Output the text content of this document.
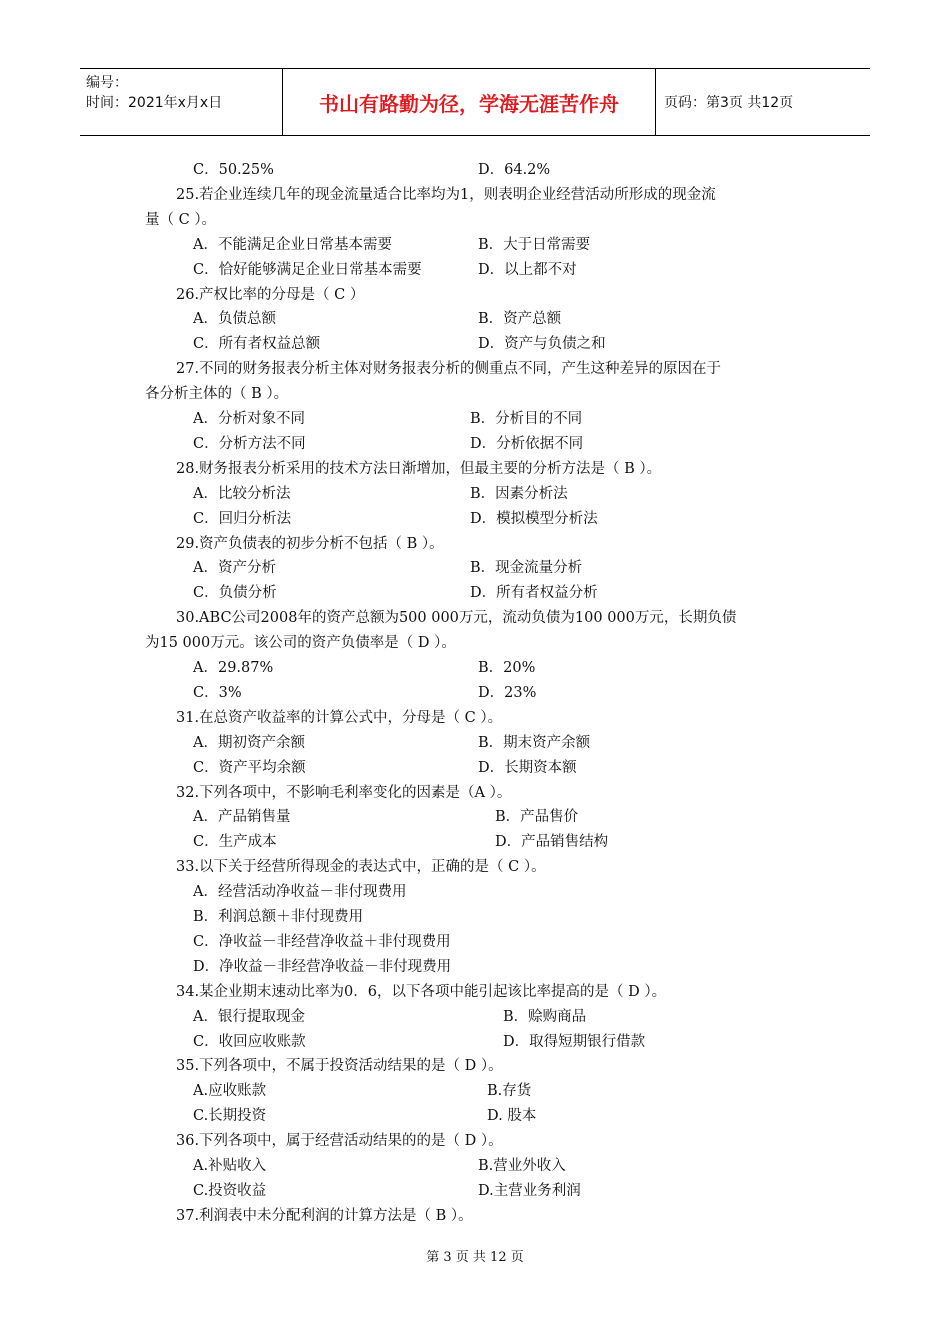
编号：
时间：2021年x月x日	书山有路勤为径，学海无涯苦作舟	页码：第3页 共12页
C．50.25%	D．64.2%
25.若企业连续几年的现金流量适合比率均为1，则表明企业经营活动所形成的现金流
量（ C ）。
A．不能满足企业日常基本需要	B．大于日常需要
C．恰好能够满足企业日常基本需要	D．以上都不对
26.产权比率的分母是（ C ）
A．负债总额	B．资产总额
C．所有者权益总额	D．资产与负债之和
27.不同的财务报表分析主体对财务报表分析的侧重点不同，产生这种差异的原因在于
各分析主体的（ B ）。
A．分析对象不同	B．分析目的不同
C．分析方法不同	D．分析依据不同
28.财务报表分析采用的技术方法日渐增加，但最主要的分析方法是（ B ）。
A．比较分析法	B．因素分析法
C．回归分析法	D．模拟模型分析法
29.资产负债表的初步分析不包括（ B ）。
A．资产分析	B．现金流量分析
C．负债分析	D．所有者权益分析
30.ABC公司2008年的资产总额为500 000万元，流动负债为100 000万元，长期负债
为15 000万元。该公司的资产负债率是（ D ）。
A．29.87%	B．20%
C．3%	D．23%
31.在总资产收益率的计算公式中，分母是（ C ）。
A．期初资产余额	B．期末资产余额
C．资产平均余额	D．长期资本额
32.下列各项中，不影响毛利率变化的因素是（A ）。
A．产品销售量	B．产品售价
C．生产成本	D．产品销售结构
33.以下关于经营所得现金的表达式中，正确的是（ C ）。
A．经营活动净收益－非付现费用
B．利润总额＋非付现费用
C．净收益－非经营净收益＋非付现费用
D．净收益－非经营净收益－非付现费用
34.某企业期末速动比率为0．6，以下各项中能引起该比率提高的是（ D ）。
A．银行提取现金	B．赊购商品
C．收回应收账款	D．取得短期银行借款
35.下列各项中，不属于投资活动结果的是（ D ）。
A.应收账款	B.存货
C.长期投资	D. 股本
36.下列各项中，属于经营活动结果的的是（ D ）。
A.补贴收入	B.营业外收入
C.投资收益	D.主营业务利润
37.利润表中未分配利润的计算方法是（ B ）。
第 3 页 共 12 页
